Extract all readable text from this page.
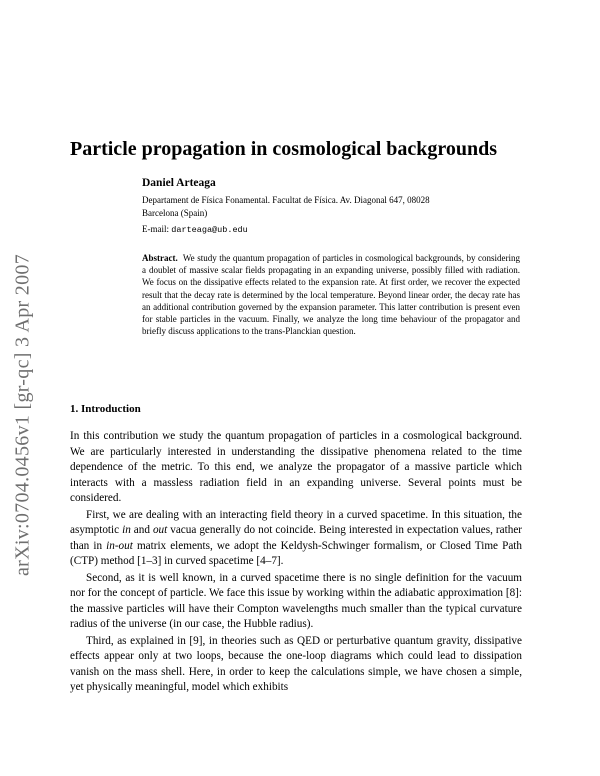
arXiv:0704.0456v1 [gr-qc] 3 Apr 2007
Particle propagation in cosmological backgrounds
Daniel Arteaga
Departament de Física Fonamental. Facultat de Física. Av. Diagonal 647, 08028
Barcelona (Spain)
E-mail: darteaga@ub.edu
Abstract. We study the quantum propagation of particles in cosmological backgrounds, by considering a doublet of massive scalar fields propagating in an expanding universe, possibly filled with radiation. We focus on the dissipative effects related to the expansion rate. At first order, we recover the expected result that the decay rate is determined by the local temperature. Beyond linear order, the decay rate has an additional contribution governed by the expansion parameter. This latter contribution is present even for stable particles in the vacuum. Finally, we analyze the long time behaviour of the propagator and briefly discuss applications to the trans-Planckian question.
1. Introduction

In this contribution we study the quantum propagation of particles in a cosmological background. We are particularly interested in understanding the dissipative phenomena related to the time dependence of the metric. To this end, we analyze the propagator of a massive particle which interacts with a massless radiation field in an expanding universe. Several points must be considered.

First, we are dealing with an interacting field theory in a curved spacetime. In this situation, the asymptotic in and out vacua generally do not coincide. Being interested in expectation values, rather than in in-out matrix elements, we adopt the Keldysh-Schwinger formalism, or Closed Time Path (CTP) method [1–3] in curved spacetime [4–7].

Second, as it is well known, in a curved spacetime there is no single definition for the vacuum nor for the concept of particle. We face this issue by working within the adiabatic approximation [8]: the massive particles will have their Compton wavelengths much smaller than the typical curvature radius of the universe (in our case, the Hubble radius).

Third, as explained in [9], in theories such as QED or perturbative quantum gravity, dissipative effects appear only at two loops, because the one-loop diagrams which could lead to dissipation vanish on the mass shell. Here, in order to keep the calculations simple, we have chosen a simple, yet physically meaningful, model which exhibits
